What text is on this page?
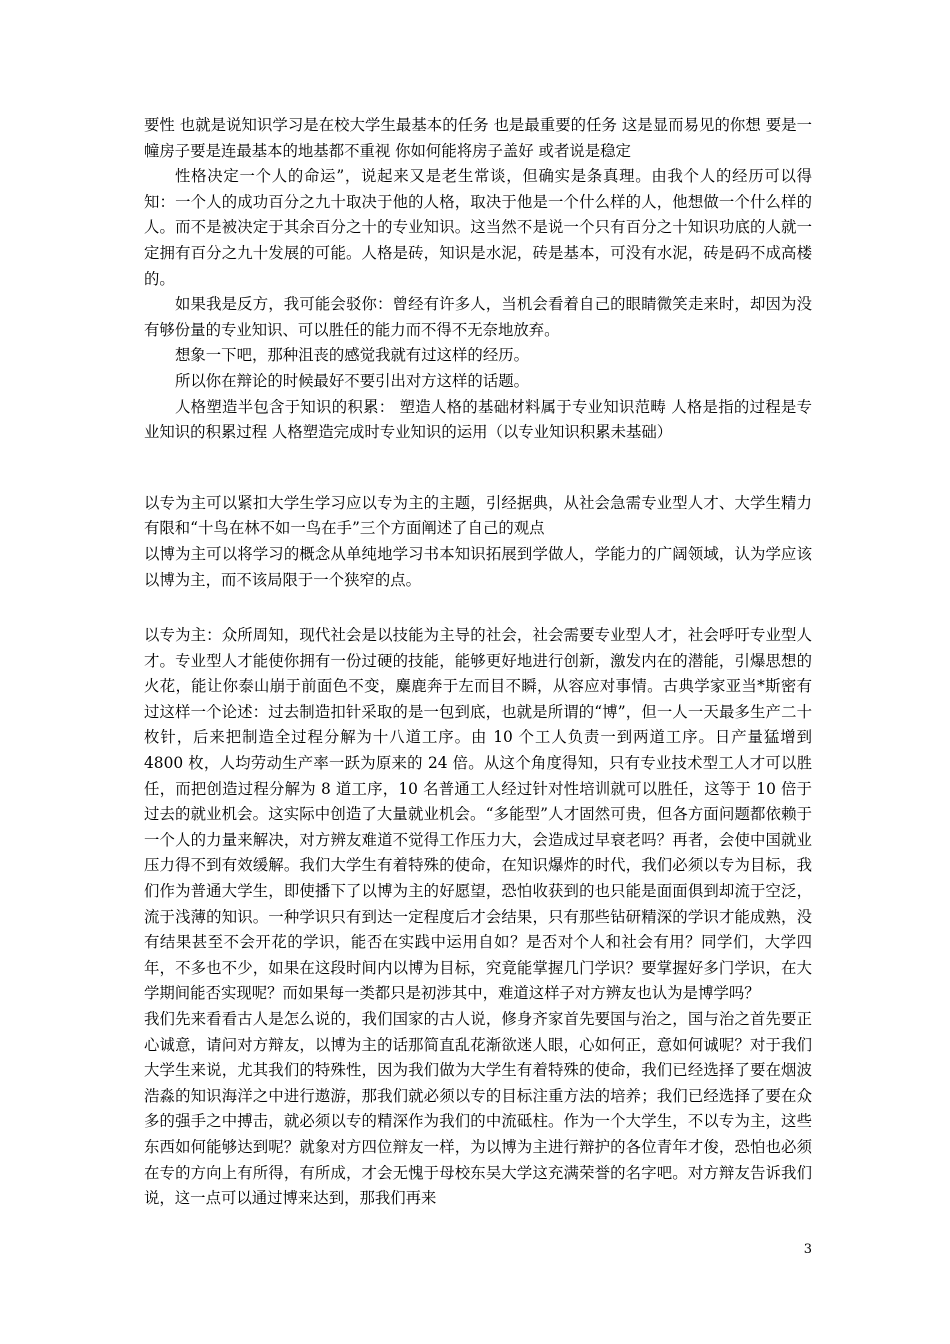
要性 也就是说知识学习是在校大学生最基本的任务 也是最重要的任务 这是显而易见的你想 要是一幢房子要是连最基本的地基都不重视 你如何能将房子盖好 或者说是稳定

性格决定一个人的命运”，说起来又是老生常谈，但确实是条真理。由我个人的经历可以得知：一个人的成功百分之九十取决于他的人格，取决于他是一个什么样的人，他想做一个什么样的人。而不是被决定于其余百分之十的专业知识。这当然不是说一个只有百分之十知识功底的人就一定拥有百分之九十发展的可能。人格是砖，知识是水泥，砖是基本，可没有水泥，砖是码不成高楼的。

如果我是反方，我可能会驳你：曾经有许多人，当机会看着自己的眼睛微笑走来时，却因为没有够份量的专业知识、可以胜任的能力而不得不无奈地放弃。

想象一下吧，那种沮丧的感觉我就有过这样的经历。

所以你在辩论的时候最好不要引出对方这样的话题。

人格塑造半包含于知识的积累： 塑造人格的基础材料属于专业知识范畴 人格是指的过程是专业知识的积累过程 人格塑造完成时专业知识的运用（以专业知识积累未基础）

以专为主可以紧扣大学生学习应以专为主的主题，引经据典，从社会急需专业型人才、大学生精力有限和“十鸟在林不如一鸟在手”三个方面阐述了自己的观点

以博为主可以将学习的概念从单纯地学习书本知识拓展到学做人，学能力的广阔领域，认为学应该以博为主，而不该局限于一个狭窄的点。

以专为主：众所周知，现代社会是以技能为主导的社会，社会需要专业型人才，社会呼吁专业型人才。专业型人才能使你拥有一份过硬的技能，能够更好地进行创新，激发内在的潜能，引爆思想的火花，能让你泰山崩于前面色不变，麋鹿奔于左而目不瞬，从容应对事情。古典学家亚当*斯密有过这样一个论述：过去制造扣针采取的是一包到底，也就是所谓的“博”，但一人一天最多生产二十枚针，后来把制造全过程分解为十八道工序。由 10 个工人负责一到两道工序。日产量猛增到 4800 枚，人均劳动生产率一跃为原来的 24 倍。从这个角度得知，只有专业技术型工人才可以胜任，而把创造过程分解为 8 道工序，10 名普通工人经过针对性培训就可以胜任，这等于 10 倍于过去的就业机会。这实际中创造了大量就业机会。“多能型”人才固然可贵，但各方面问题都依赖于一个人的力量来解决，对方辨友难道不觉得工作压力大，会造成过早衰老吗？再者，会使中国就业压力得不到有效缓解。我们大学生有着特殊的使命，在知识爆炸的时代，我们必须以专为目标，我们作为普通大学生，即使播下了以博为主的好愿望，恐怕收获到的也只能是面面俱到却流于空泛，流于浅薄的知识。一种学识只有到达一定程度后才会结果，只有那些钻研精深的学识才能成熟，没有结果甚至不会开花的学识，能否在实践中运用自如？是否对个人和社会有用？同学们，大学四年，不多也不少，如果在这段时间内以博为目标，究竟能掌握几门学识？要掌握好多门学识，在大学期间能否实现呢？而如果每一类都只是初涉其中，难道这样子对方辨友也认为是博学吗？

我们先来看看古人是怎么说的，我们国家的古人说，修身齐家首先要国与治之，国与治之首先要正心诚意，请问对方辩友，以博为主的话那简直乱花渐欲迷人眼，心如何正，意如何诚呢？对于我们大学生来说，尤其我们的特殊性，因为我们做为大学生有着特殊的使命，我们已经选择了要在烟波浩淼的知识海洋之中进行遨游，那我们就必须以专的目标注重方法的培养；我们已经选择了要在众多的强手之中搏击，就必须以专的精深作为我们的中流砥柱。作为一个大学生，不以专为主，这些东西如何能够达到呢？就象对方四位辩友一样，为以博为主进行辩护的各位青年才俊，恐怕也必须在专的方向上有所得，有所成，才会无愧于母校东吴大学这充满荣誉的名字吧。对方辩友告诉我们说，这一点可以通过博来达到，那我们再来

3
